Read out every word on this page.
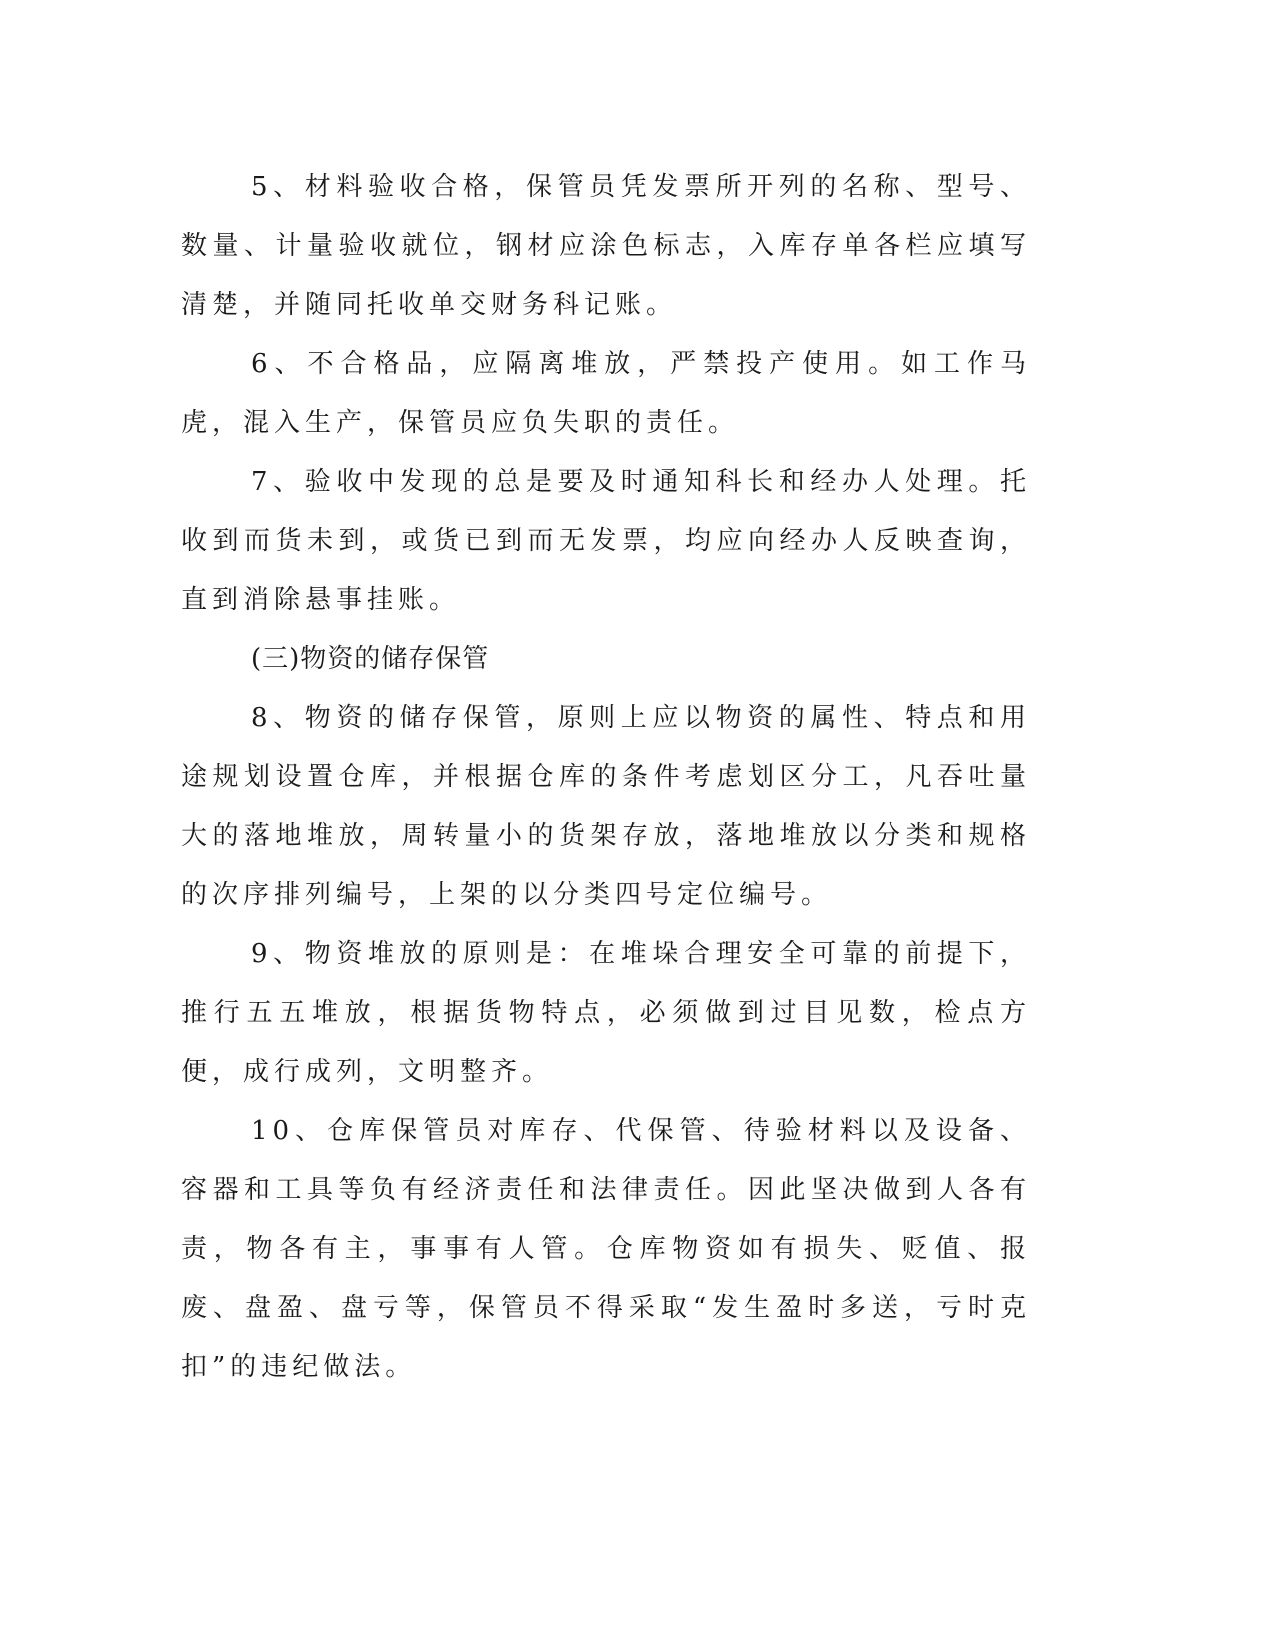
5、材料验收合格，保管员凭发票所开列的名称、型号、数量、计量验收就位，钢材应涂色标志，入库存单各栏应填写清楚，并随同托收单交财务科记账。

6、不合格品，应隔离堆放，严禁投产使用。如工作马虎，混入生产，保管员应负失职的责任。

7、验收中发现的总是要及时通知科长和经办人处理。托收到而货未到，或货已到而无发票，均应向经办人反映查询，直到消除悬事挂账。

(三)物资的储存保管

8、物资的储存保管，原则上应以物资的属性、特点和用途规划设置仓库，并根据仓库的条件考虑划区分工，凡吞吐量大的落地堆放，周转量小的货架存放，落地堆放以分类和规格的次序排列编号，上架的以分类四号定位编号。

9、物资堆放的原则是：在堆垛合理安全可靠的前提下，推行五五堆放，根据货物特点，必须做到过目见数，检点方便，成行成列，文明整齐。

10、仓库保管员对库存、代保管、待验材料以及设备、容器和工具等负有经济责任和法律责任。因此坚决做到人各有责，物各有主，事事有人管。仓库物资如有损失、贬值、报废、盘盈、盘亏等，保管员不得采取“发生盈时多送，亏时克扣”的违纪做法。
